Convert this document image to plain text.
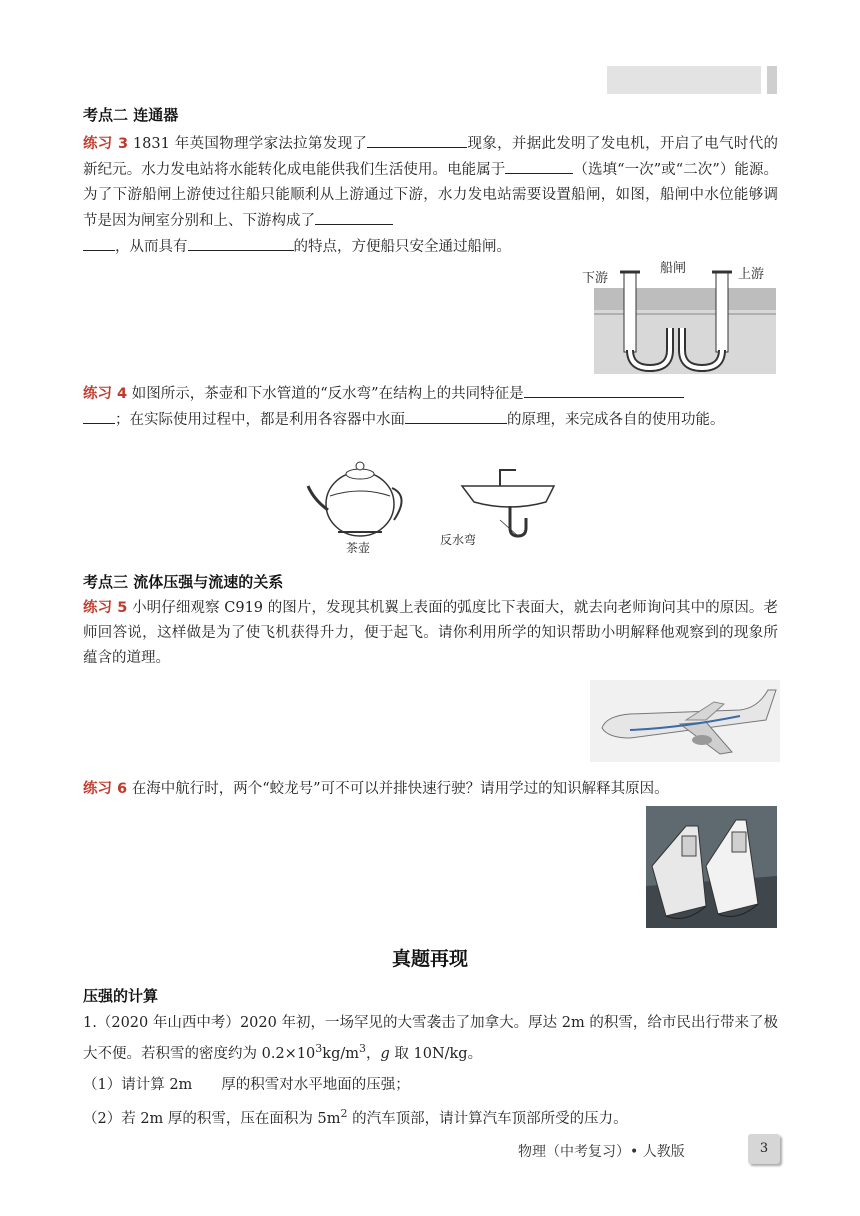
考点二 连通器
练习 3 1831 年英国物理学家法拉第发现了	现象，并据此发明了发电机，开启了电气时代的新纪元。水力发电站将水能转化成电能供我们生活使用。电能属于	（选填“一次”或“二次”）能源。为了下游船闸上游使过往船只能顺利从上游通过下游，水力发电站需要设置船闸，如图，船闸中水位能够调节是因为闸室分别和上、下游构成了
，从而具有	的特点，方便船只安全通过船闸。
下游
船闸	上游
练习 4 如图所示，茶壶和下水管道的“反水弯”在结构上的共同特征是
；在实际使用过程中，都是利用各容器中水面	的原理，来完成各自的使用功能。
茶壶
反水弯
考点三 流体压强与流速的关系
练习 5 小明仔细观察 C919 的图片，发现其机翼上表面的弧度比下表面大，就去向老师询问其中的原因。老师回答说，这样做是为了使飞机获得升力，便于起飞。请你利用所学的知识帮助小明解释他观察到的现象所蕴含的道理。
练习 6 在海中航行时，两个“蛟龙号”可不可以并排快速行驶？请用学过的知识解释其原因。
真题再现
压强的计算
1.（2020 年山西中考）2020 年初，一场罕见的大雪袭击了加拿大。厚达 2m 的积雪，给市民出行带来了极大不便。若积雪的密度约为 $0.2\times 10^3kg/m^3$，g 取 10N/kg。
（1）请计算 2m　　厚的积雪对水平地面的压强；
（2）若 2m 厚的积雪，压在面积为 $5m^2$ 的汽车顶部，请计算汽车顶部所受的压力。
物理（中考复习）• 人教版	3
